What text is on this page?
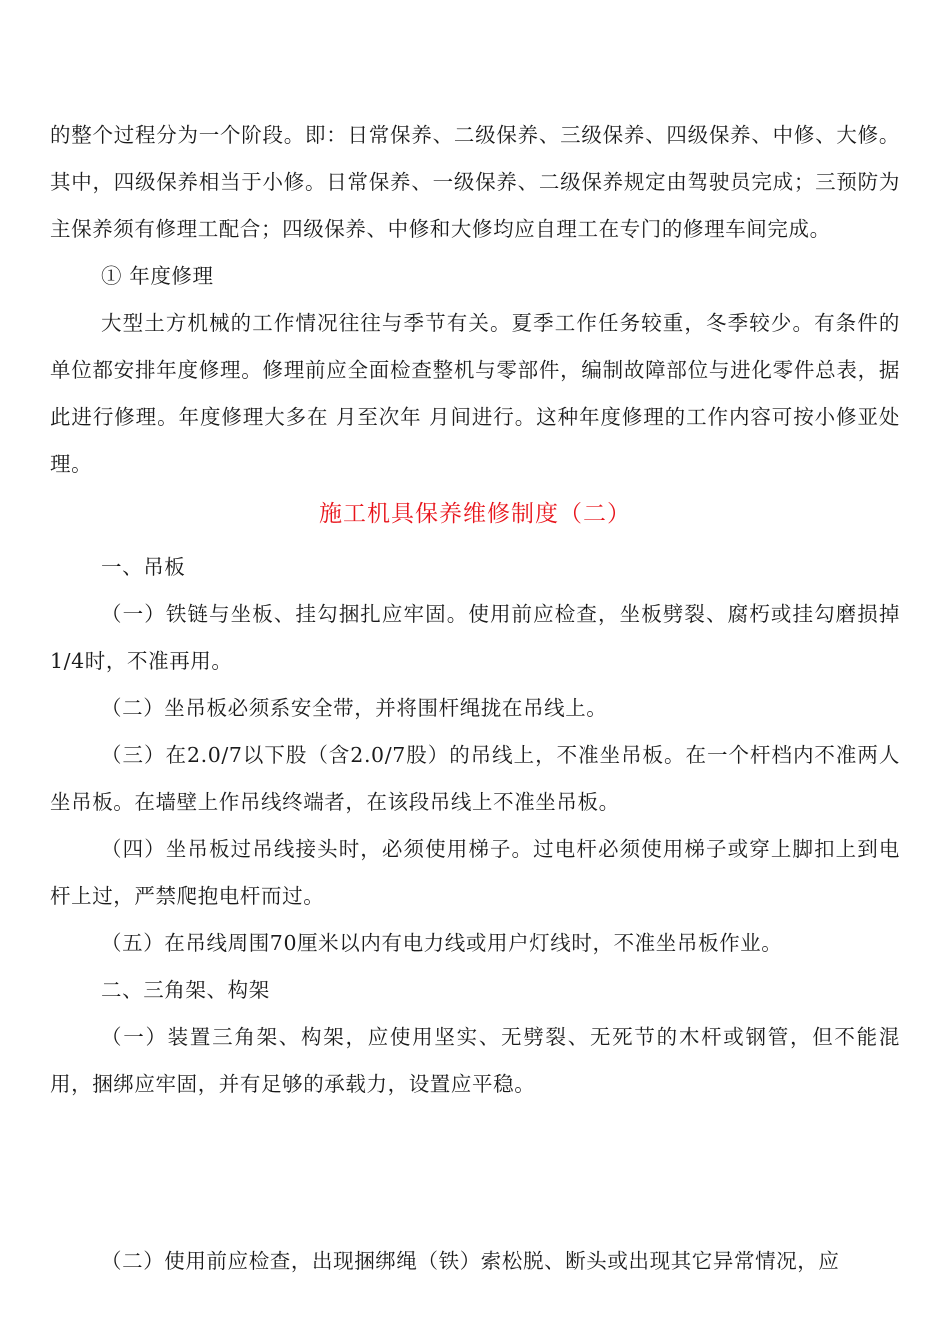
的整个过程分为一个阶段。即：日常保养、二级保养、三级保养、四级保养、中修、大修。其中，四级保养相当于小修。日常保养、一级保养、二级保养规定由驾驶员完成；三预防为主保养须有修理工配合；四级保养、中修和大修均应自理工在专门的修理车间完成。

① 年度修理

大型土方机械的工作情况往往与季节有关。夏季工作任务较重，冬季较少。有条件的单位都安排年度修理。修理前应全面检查整机与零部件，编制故障部位与进化零件总表，据此进行修理。年度修理大多在 月至次年 月间进行。这种年度修理的工作内容可按小修亚处理。

施工机具保养维修制度（二）

一、吊板

（一）铁链与坐板、挂勾捆扎应牢固。使用前应检查，坐板劈裂、腐朽或挂勾磨损掉1/4时，不准再用。

（二）坐吊板必须系安全带，并将围杆绳拢在吊线上。

（三）在2.0/7以下股（含2.0/7股）的吊线上，不准坐吊板。在一个杆档内不准两人坐吊板。在墙壁上作吊线终端者，在该段吊线上不准坐吊板。

（四）坐吊板过吊线接头时，必须使用梯子。过电杆必须使用梯子或穿上脚扣上到电杆上过，严禁爬抱电杆而过。

（五）在吊线周围70厘米以内有电力线或用户灯线时，不准坐吊板作业。

二、三角架、构架

（一）装置三角架、构架，应使用坚实、无劈裂、无死节的木杆或钢管，但不能混用，捆绑应牢固，并有足够的承载力，设置应平稳。

（二）使用前应检查，出现捆绑绳（铁）索松脱、断头或出现其它异常情况，应
